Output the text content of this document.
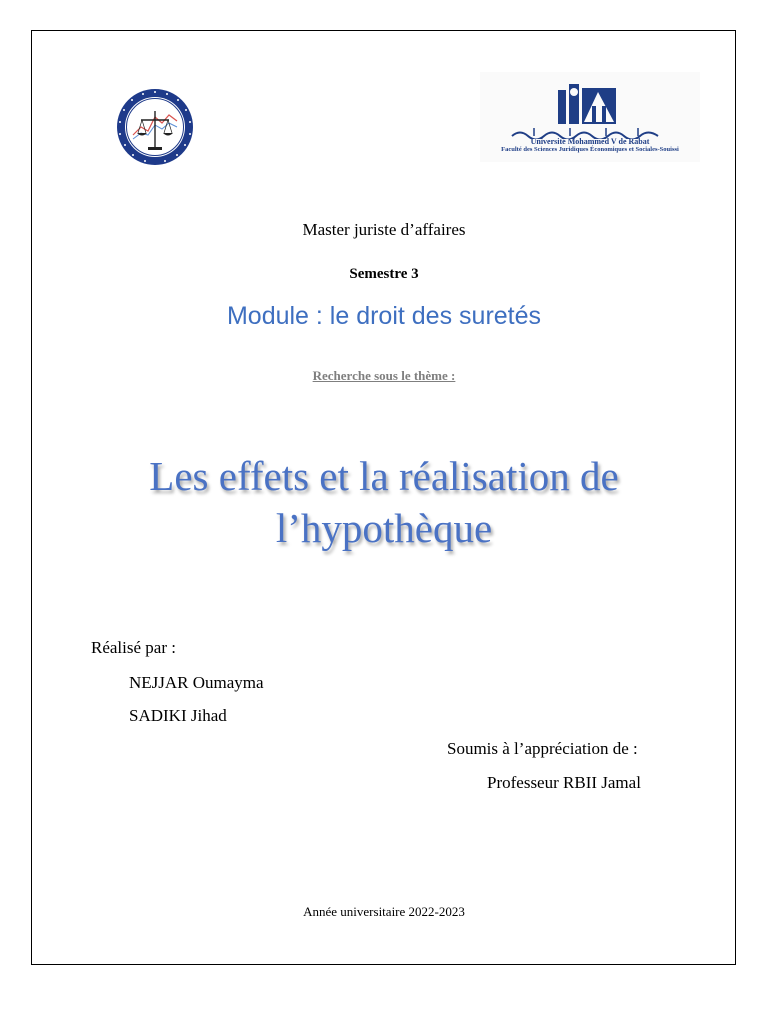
Université Mohammed V de Rabat
Faculté des Sciences Juridiques Économiques et Sociales-Souissi
Master juriste d’affaires
Semestre 3
Module : le droit des suretés
Recherche sous le thème :
Les effets et la réalisation de
l’hypothèque
Réalisé par :
NEJJAR Oumayma
SADIKI Jihad
Soumis à l’appréciation de :
Professeur RBII Jamal
Année universitaire 2022-2023
